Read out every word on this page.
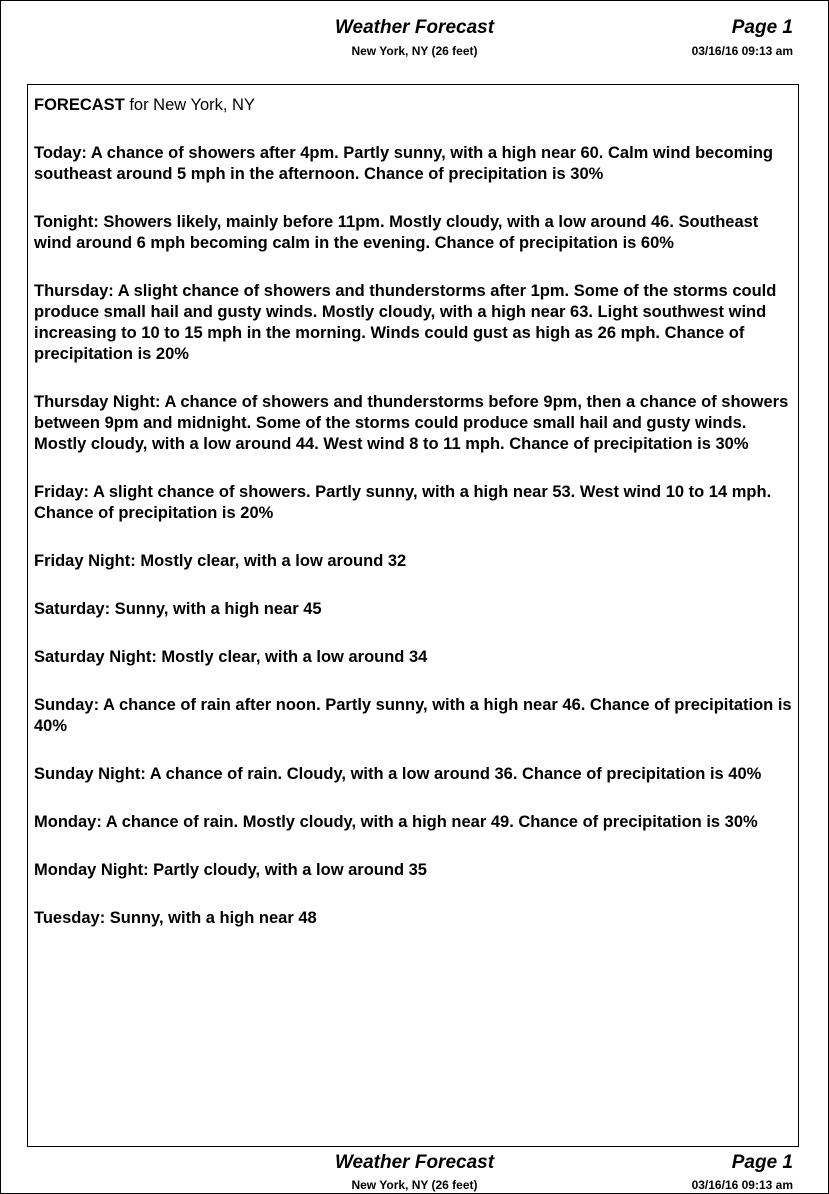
Weather Forecast	Page 1
New York, NY (26 feet)	03/16/16 09:13 am

FORECAST for New York, NY

Today: A chance of showers after 4pm. Partly sunny, with a high near 60. Calm wind becoming southeast around 5 mph in the afternoon. Chance of precipitation is 30%

Tonight: Showers likely, mainly before 11pm. Mostly cloudy, with a low around 46. Southeast wind around 6 mph becoming calm in the evening. Chance of precipitation is 60%

Thursday: A slight chance of showers and thunderstorms after 1pm. Some of the storms could produce small hail and gusty winds. Mostly cloudy, with a high near 63. Light southwest wind increasing to 10 to 15 mph in the morning. Winds could gust as high as 26 mph. Chance of precipitation is 20%

Thursday Night: A chance of showers and thunderstorms before 9pm, then a chance of showers between 9pm and midnight. Some of the storms could produce small hail and gusty winds. Mostly cloudy, with a low around 44. West wind 8 to 11 mph. Chance of precipitation is 30%

Friday: A slight chance of showers. Partly sunny, with a high near 53. West wind 10 to 14 mph. Chance of precipitation is 20%

Friday Night: Mostly clear, with a low around 32

Saturday: Sunny, with a high near 45

Saturday Night: Mostly clear, with a low around 34

Sunday: A chance of rain after noon. Partly sunny, with a high near 46. Chance of precipitation is 40%

Sunday Night: A chance of rain. Cloudy, with a low around 36. Chance of precipitation is 40%

Monday: A chance of rain. Mostly cloudy, with a high near 49. Chance of precipitation is 30%

Monday Night: Partly cloudy, with a low around 35

Tuesday: Sunny, with a high near 48

Weather Forecast	Page 1
New York, NY (26 feet)	03/16/16 09:13 am
